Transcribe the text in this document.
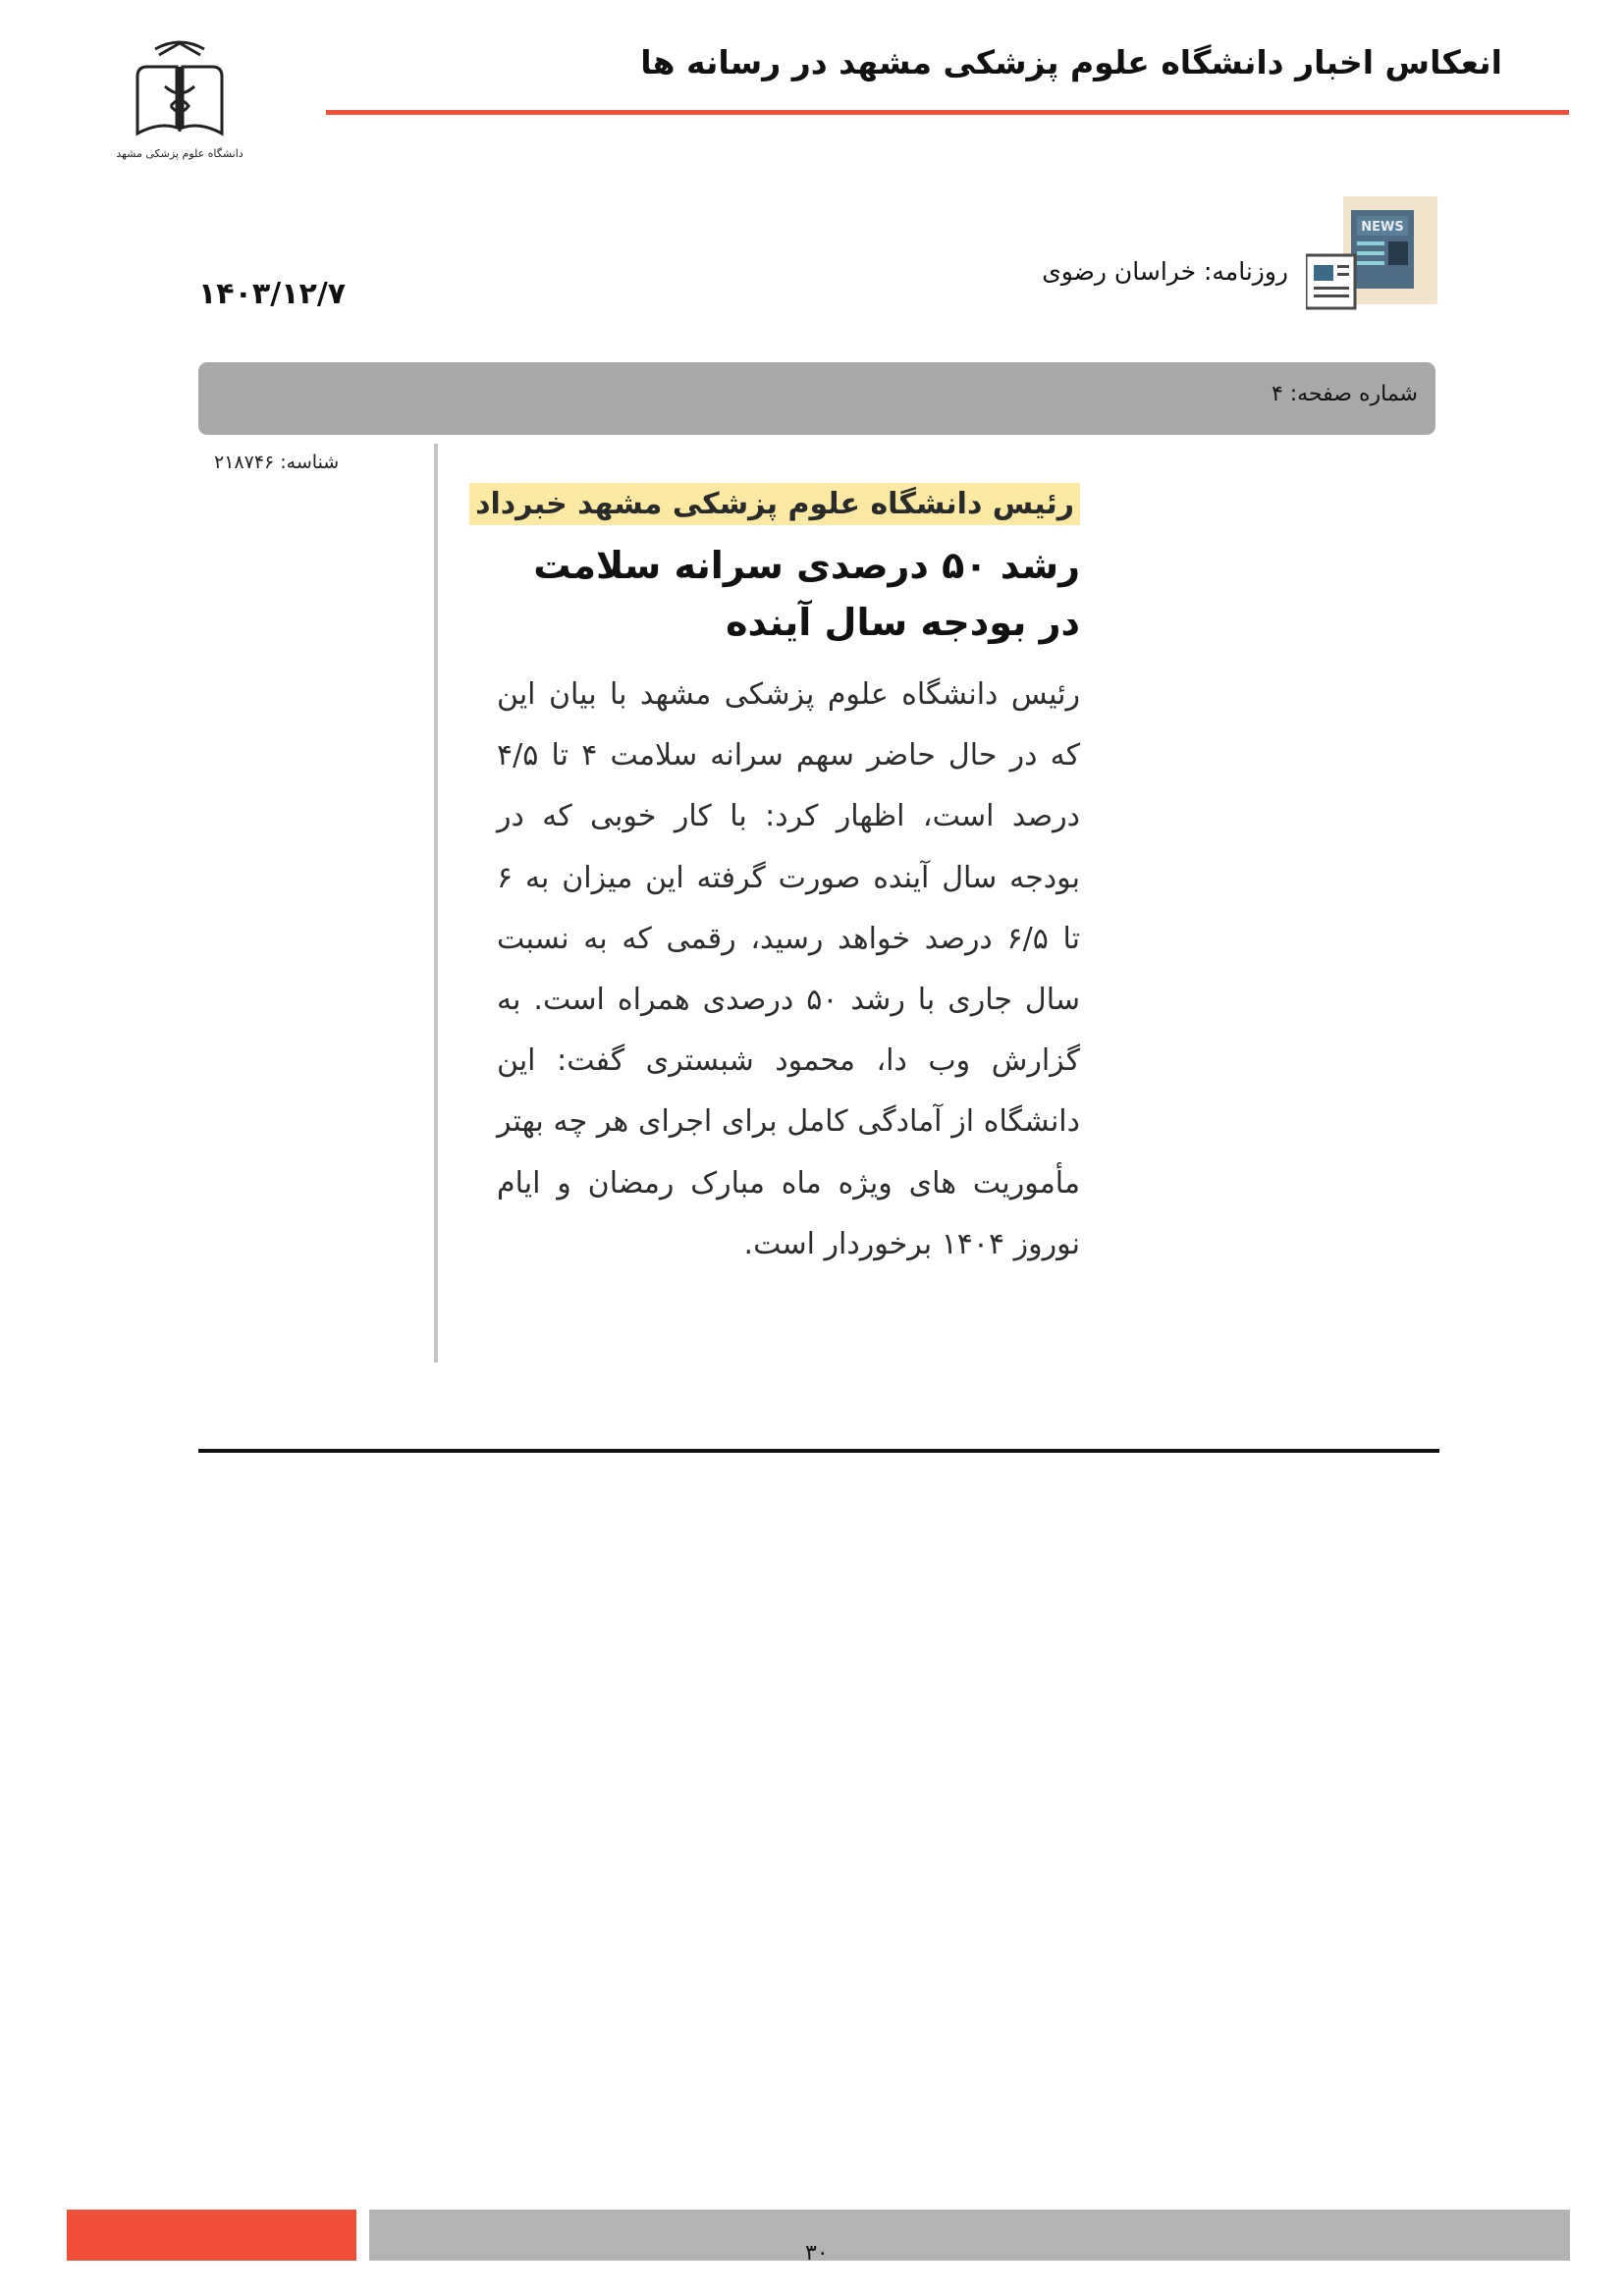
دانشگاه علوم پزشکی مشهد
انعکاس اخبار دانشگاه علوم پزشکی مشهد در رسانه ها
NEWS
روزنامه: خراسان رضوی
۱۴۰۳/۱۲/۷
شماره صفحه: ۴
شناسه: ۲۱۸۷۴۶
رئیس دانشگاه علوم پزشکی مشهد خبرداد
رشد ۵۰ درصدی سرانه سلامت
در بودجه سال آینده
رئیس دانشگاه علوم پزشکی مشهد با بیان این که در حال حاضر سهم سرانه سلامت ۴ تا ۴/۵ درصد است، اظهار کرد: با کار خوبی که در بودجه سال آینده صورت گرفته این میزان به ۶ تا ۶/۵ درصد خواهد رسید، رقمی که به نسبت سال جاری با رشد ۵۰ درصدی همراه است. به گزارش وب دا، محمود شبستری گفت: این دانشگاه از آمادگی کامل برای اجرای هر چه بهتر مأموریت های ویژه ماه مبارک رمضان و ایام نوروز ۱۴۰۴ برخوردار است.
۳۰
